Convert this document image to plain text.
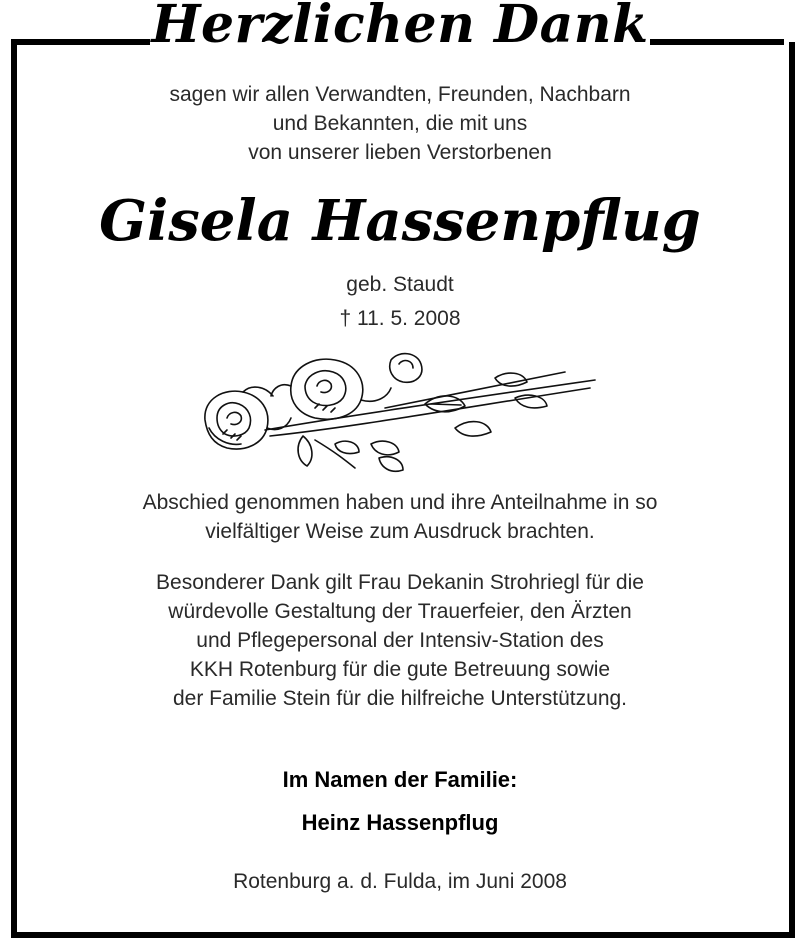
Herzlichen Dank
sagen wir allen Verwandten, Freunden, Nachbarn
und Bekannten, die mit uns
von unserer lieben Verstorbenen
Gisela Hassenpflug
geb. Staudt
† 11. 5. 2008
Abschied genommen haben und ihre Anteilnahme in so
vielfältiger Weise zum Ausdruck brachten.
Besonderer Dank gilt Frau Dekanin Strohriegl für die
würdevolle Gestaltung der Trauerfeier, den Ärzten
und Pflegepersonal der Intensiv-Station des
KKH Rotenburg für die gute Betreuung sowie
der Familie Stein für die hilfreiche Unterstützung.
Im Namen der Familie:
Heinz Hassenpflug
Rotenburg a. d. Fulda, im Juni 2008
